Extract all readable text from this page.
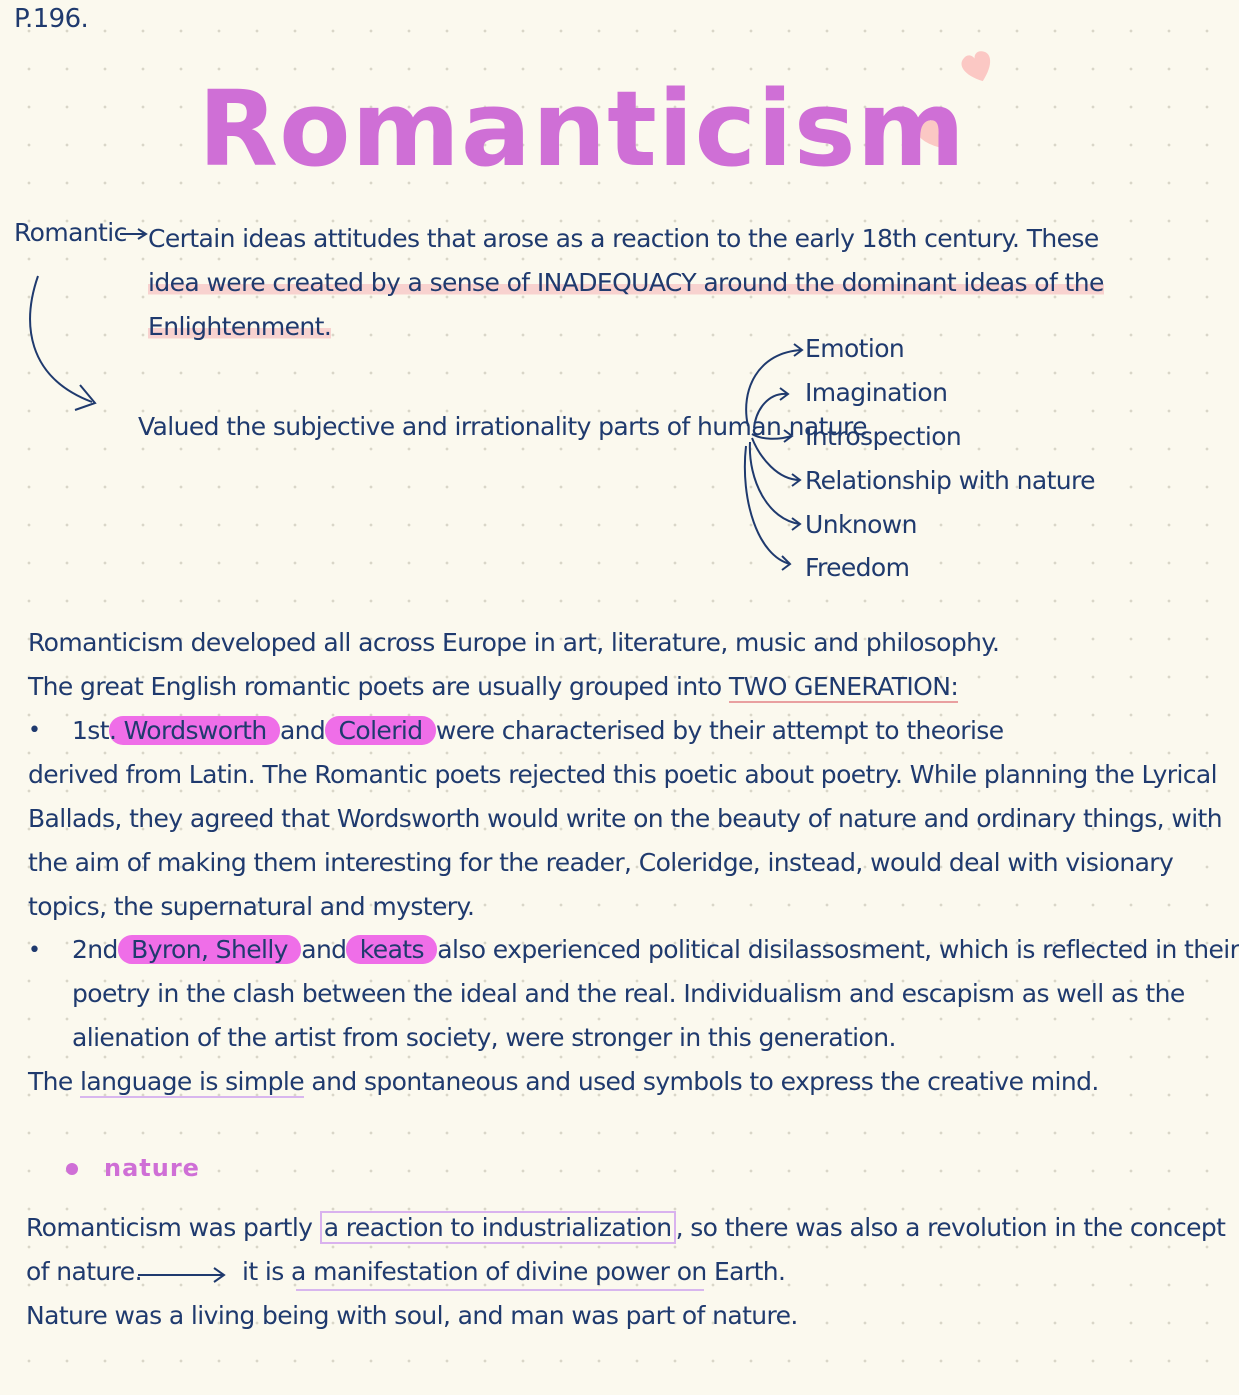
P.196.
Romanticism
Romantic Certain ideas attitudes that arose as a reaction to the early 18th century. These
idea were created by a sense of INADEQUACY around the dominant ideas of the
Enlightenment.
Valued the subjective and irrationality parts of human nature
Emotion
Imagination
Introspection
Relationship with nature
Unknown
Freedom
Romanticism developed all across Europe in art, literature, music and philosophy.
The great English romantic poets are usually grouped into TWO GENERATION:
• 1st. Wordsworth and Colerid were characterised by their attempt to theorise
derived from Latin. The Romantic poets rejected this poetic about poetry. While planning the Lyrical
Ballads, they agreed that Wordsworth would write on the beauty of nature and ordinary things, with
the aim of making them interesting for the reader, Coleridge, instead, would deal with visionary
topics, the supernatural and mystery.
• 2nd Byron, Shelly and keats also experienced political disilassosment, which is reflected in their
poetry in the clash between the ideal and the real. Individualism and escapism as well as the
alienation of the artist from society, were stronger in this generation.
The language is simple and spontaneous and used symbols to express the creative mind.
nature
Romanticism was partly a reaction to industrialization , so there was also a revolution in the concept
of nature.	it is a manifestation of divine power on Earth.
Nature was a living being with soul, and man was part of nature.
